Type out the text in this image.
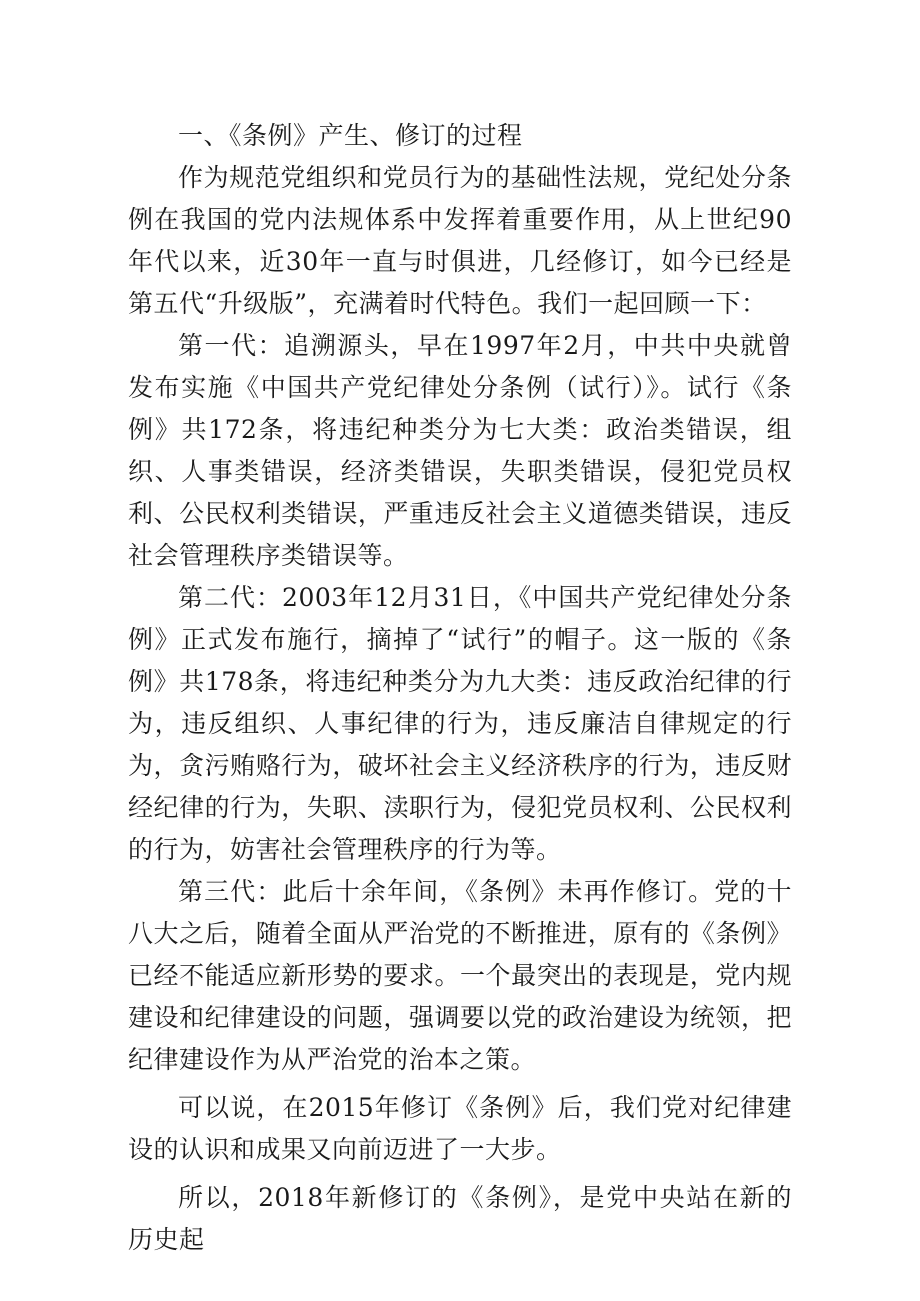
一、《条例》产生、修订的过程

作为规范党组织和党员行为的基础性法规，党纪处分条例在我国的党内法规体系中发挥着重要作用，从上世纪90年代以来，近30年一直与时俱进，几经修订，如今已经是第五代“升级版”，充满着时代特色。我们一起回顾一下：

第一代：追溯源头，早在1997年2月，中共中央就曾发布实施《中国共产党纪律处分条例（试行）》。试行《条例》共172条，将违纪种类分为七大类：政治类错误，组织、人事类错误，经济类错误，失职类错误，侵犯党员权利、公民权利类错误，严重违反社会主义道德类错误，违反社会管理秩序类错误等。

第二代：2003年12月31日，《中国共产党纪律处分条例》正式发布施行，摘掉了“试行”的帽子。这一版的《条例》共178条，将违纪种类分为九大类：违反政治纪律的行为，违反组织、人事纪律的行为，违反廉洁自律规定的行为，贪污贿赂行为，破坏社会主义经济秩序的行为，违反财经纪律的行为，失职、渎职行为，侵犯党员权利、公民权利的行为，妨害社会管理秩序的行为等。

第三代：此后十余年间，《条例》未再作修订。党的十八大之后，随着全面从严治党的不断推进，原有的《条例》已经不能适应新形势的要求。一个最突出的表现是，党内规建设和纪律建设的问题，强调要以党的政治建设为统领，把纪律建设作为从严治党的治本之策。

可以说，在2015年修订《条例》后，我们党对纪律建设的认识和成果又向前迈进了一大步。

所以，2018年新修订的《条例》，是党中央站在新的历史起
